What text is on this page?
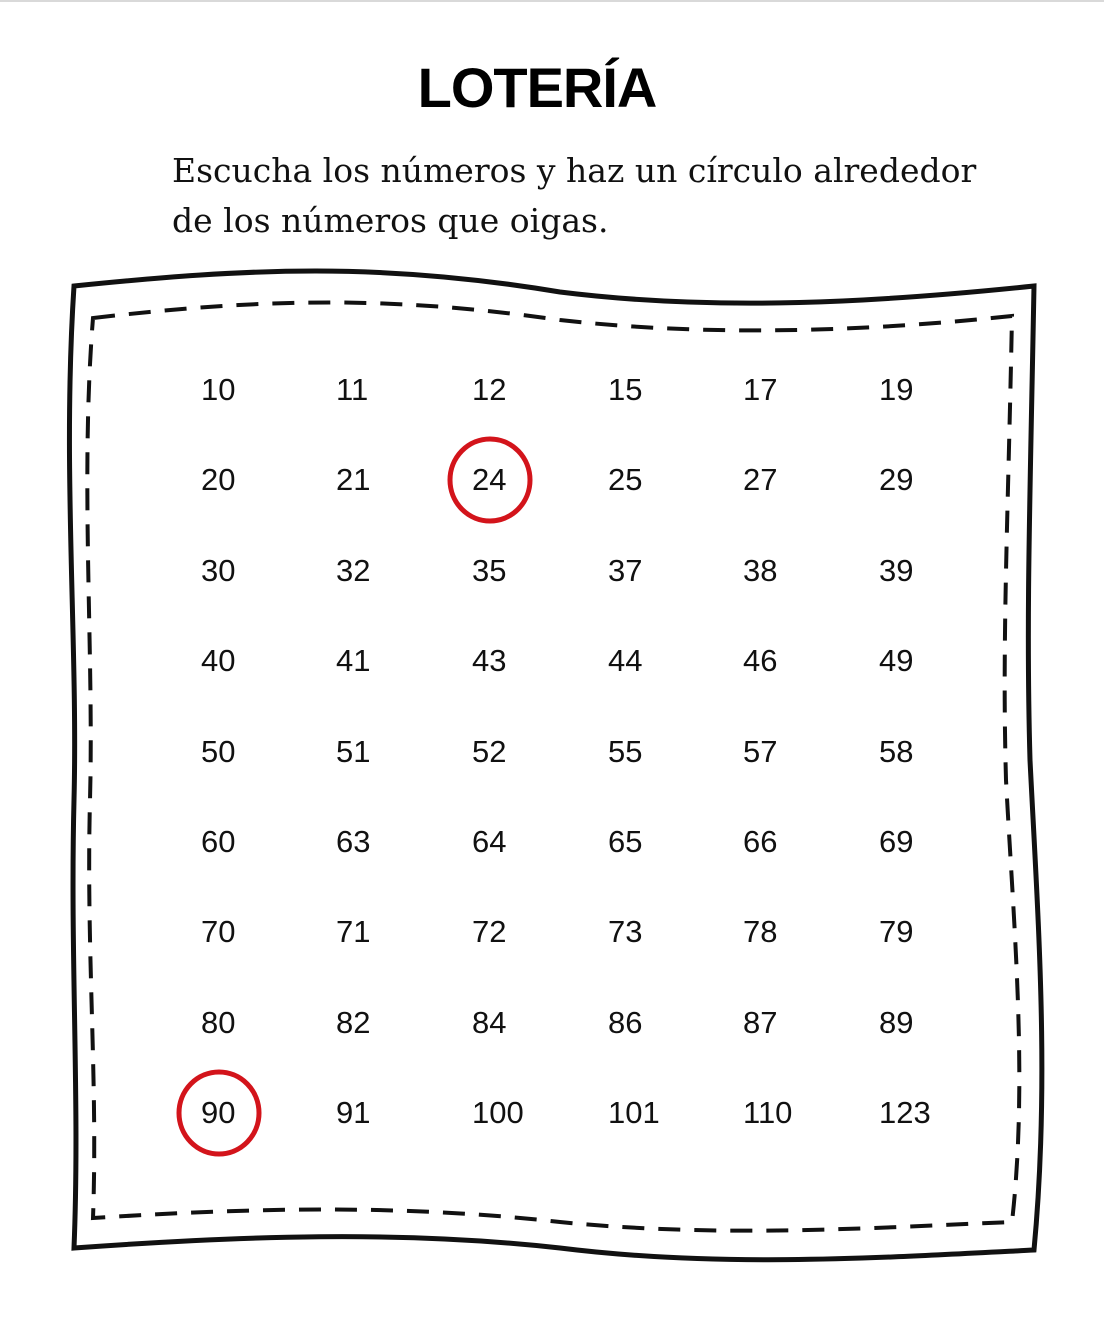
LOTERÍA
Escucha los números y haz un círculo alrededor
de los números que oigas.
10	11	12	15	17	19
20	21	24	25	27	29
30	32	35	37	38	39
40	41	43	44	46	49
50	51	52	55	57	58
60	63	64	65	66	69
70	71	72	73	78	79
80	82	84	86	87	89
90	91	100	101	110	123
